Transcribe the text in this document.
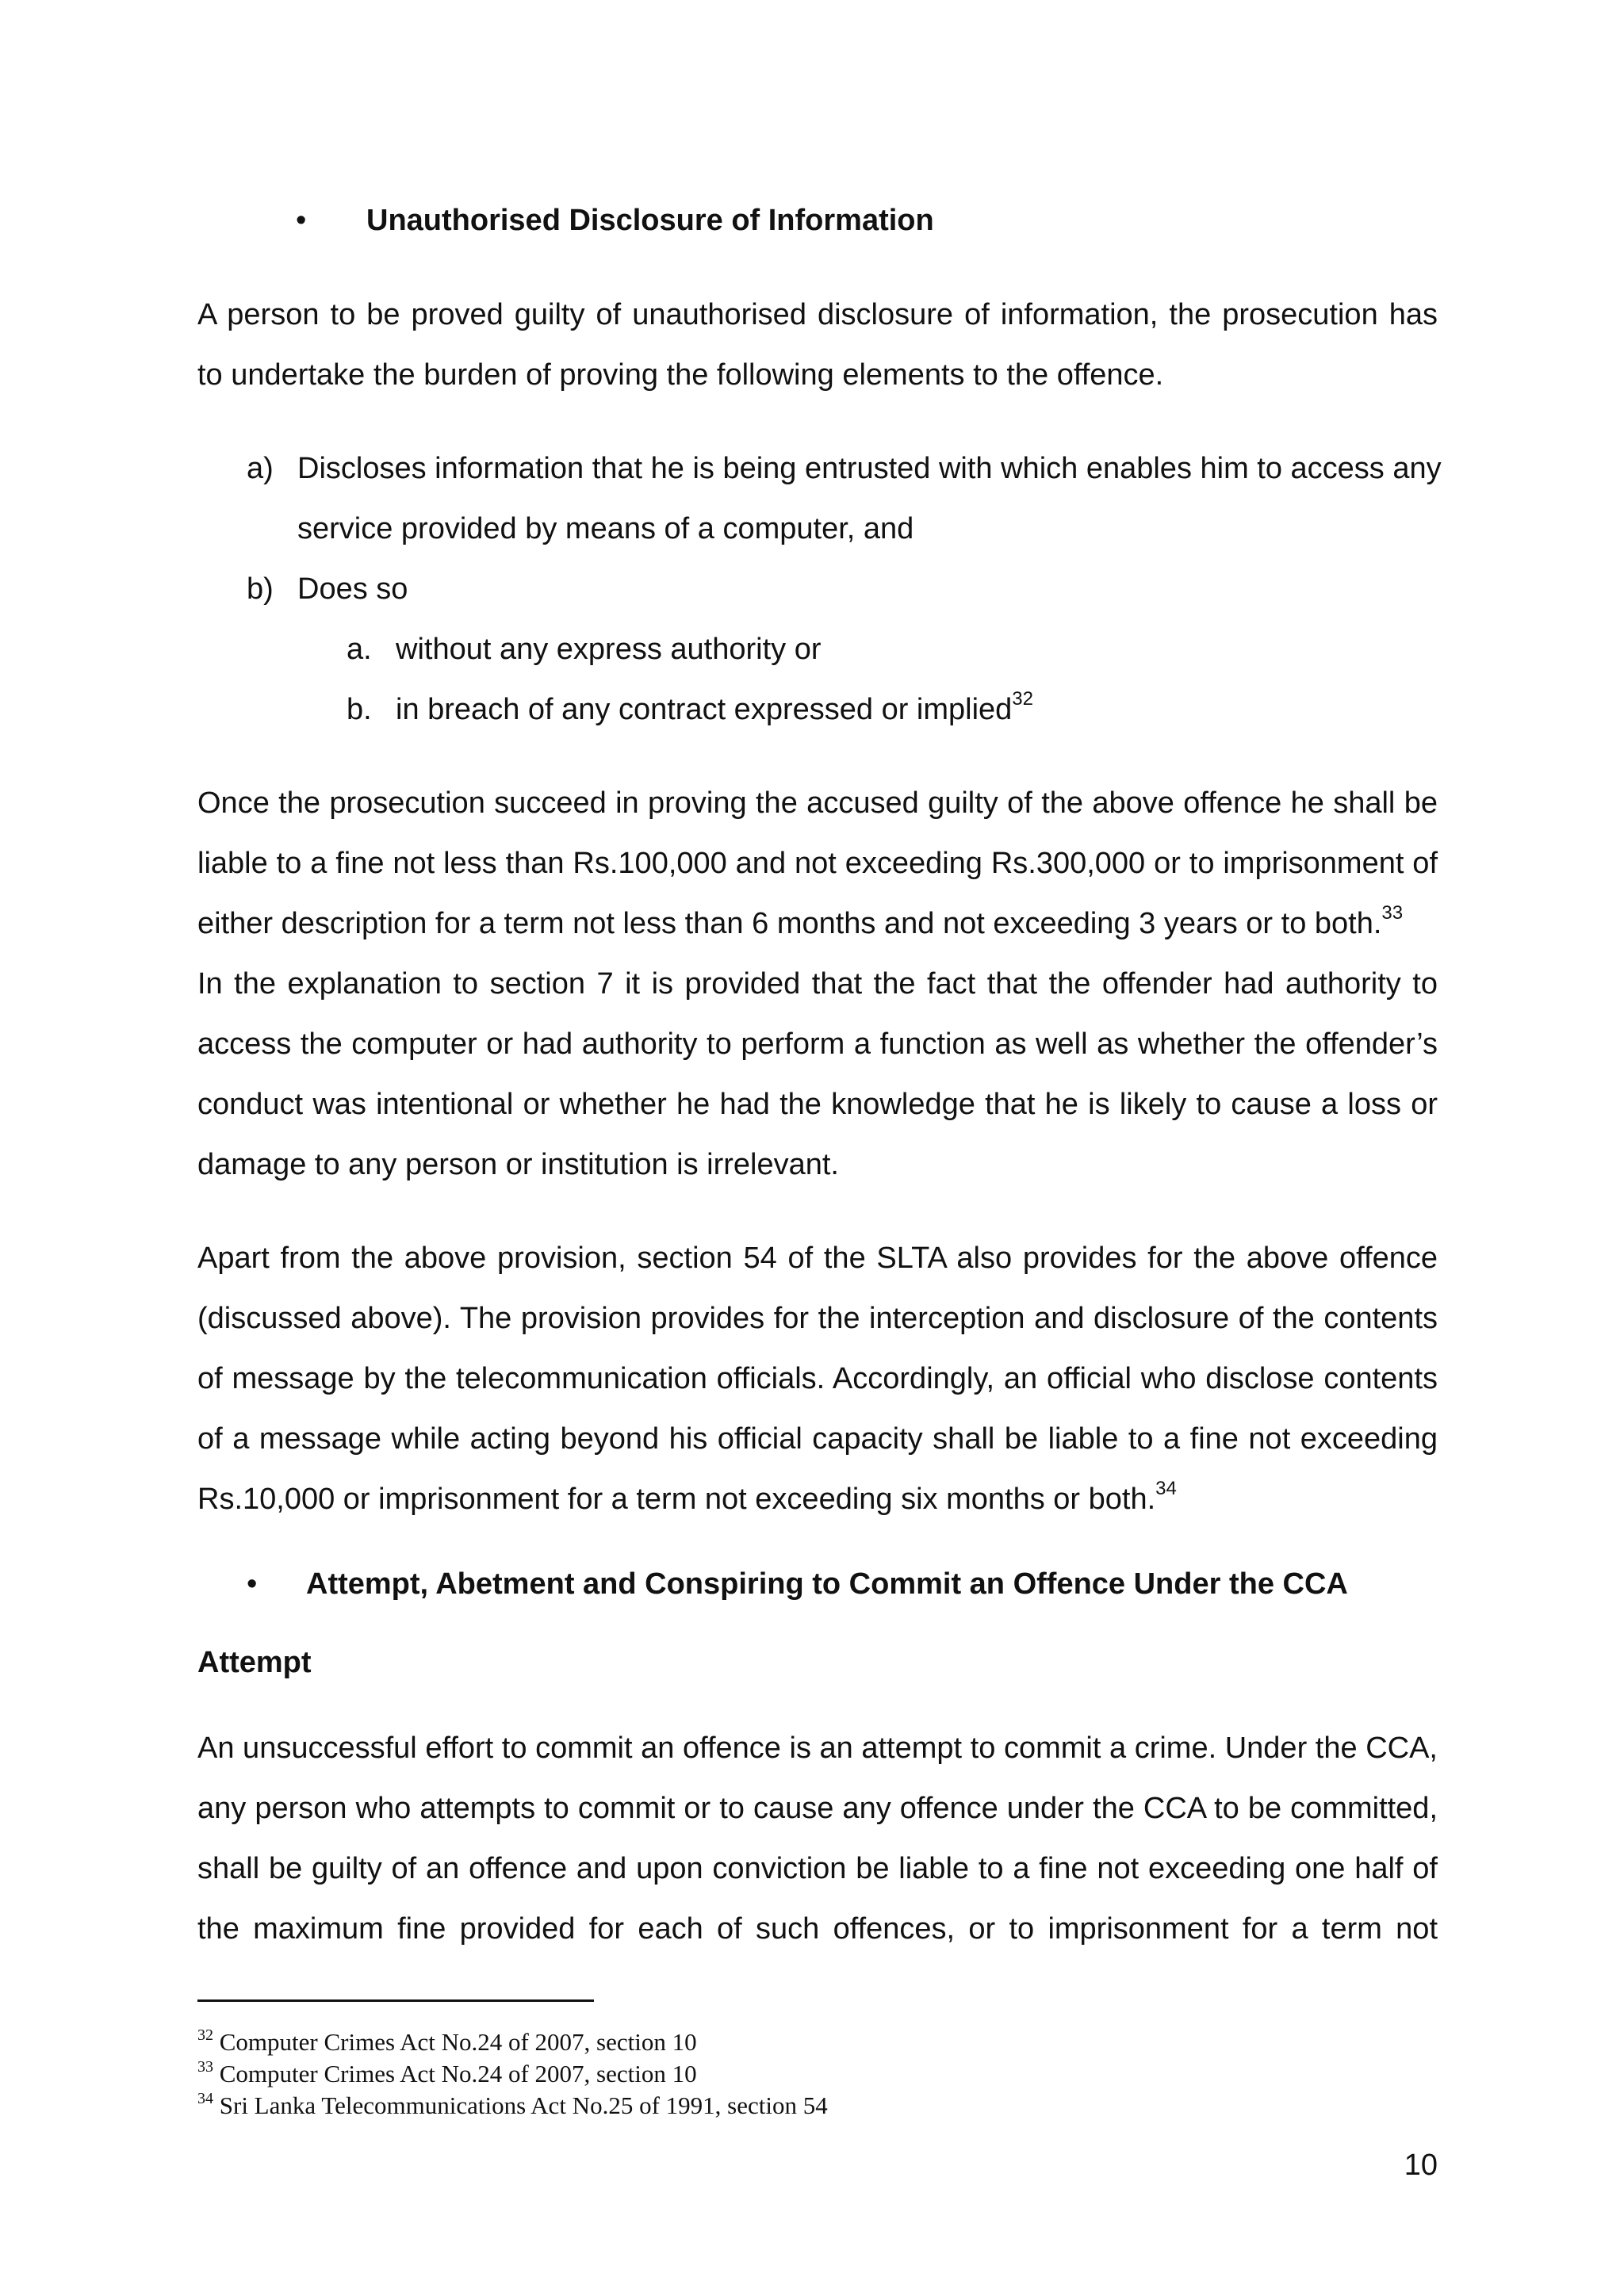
• Unauthorised Disclosure of Information
A person to be proved guilty of unauthorised disclosure of information, the prosecution has
to undertake the burden of proving the following elements to the offence.
a) Discloses information that he is being entrusted with which enables him to access any
service provided by means of a computer, and
b) Does so
a. without any express authority or
b. in breach of any contract expressed or implied$^{32}$
Once the prosecution succeed in proving the accused guilty of the above offence he shall be
liable to a fine not less than Rs.100,000 and not exceeding Rs.300,000 or to imprisonment of
either description for a term not less than 6 months and not exceeding 3 years or to both.$^{33}$
In the explanation to section 7 it is provided that the fact that the offender had authority to
access the computer or had authority to perform a function as well as whether the offender’s
conduct was intentional or whether he had the knowledge that he is likely to cause a loss or
damage to any person or institution is irrelevant.
Apart from the above provision, section 54 of the SLTA also provides for the above offence
(discussed above). The provision provides for the interception and disclosure of the contents
of message by the telecommunication officials. Accordingly, an official who disclose contents
of a message while acting beyond his official capacity shall be liable to a fine not exceeding
Rs.10,000 or imprisonment for a term not exceeding six months or both.$^{34}$
• Attempt, Abetment and Conspiring to Commit an Offence Under the CCA
Attempt
An unsuccessful effort to commit an offence is an attempt to commit a crime. Under the CCA,
any person who attempts to commit or to cause any offence under the CCA to be committed,
shall be guilty of an offence and upon conviction be liable to a fine not exceeding one half of
the maximum fine provided for each of such offences, or to imprisonment for a term not
$^{32}$ Computer Crimes Act No.24 of 2007, section 10
$^{33}$ Computer Crimes Act No.24 of 2007, section 10
$^{34}$ Sri Lanka Telecommunications Act No.25 of 1991, section 54
10
